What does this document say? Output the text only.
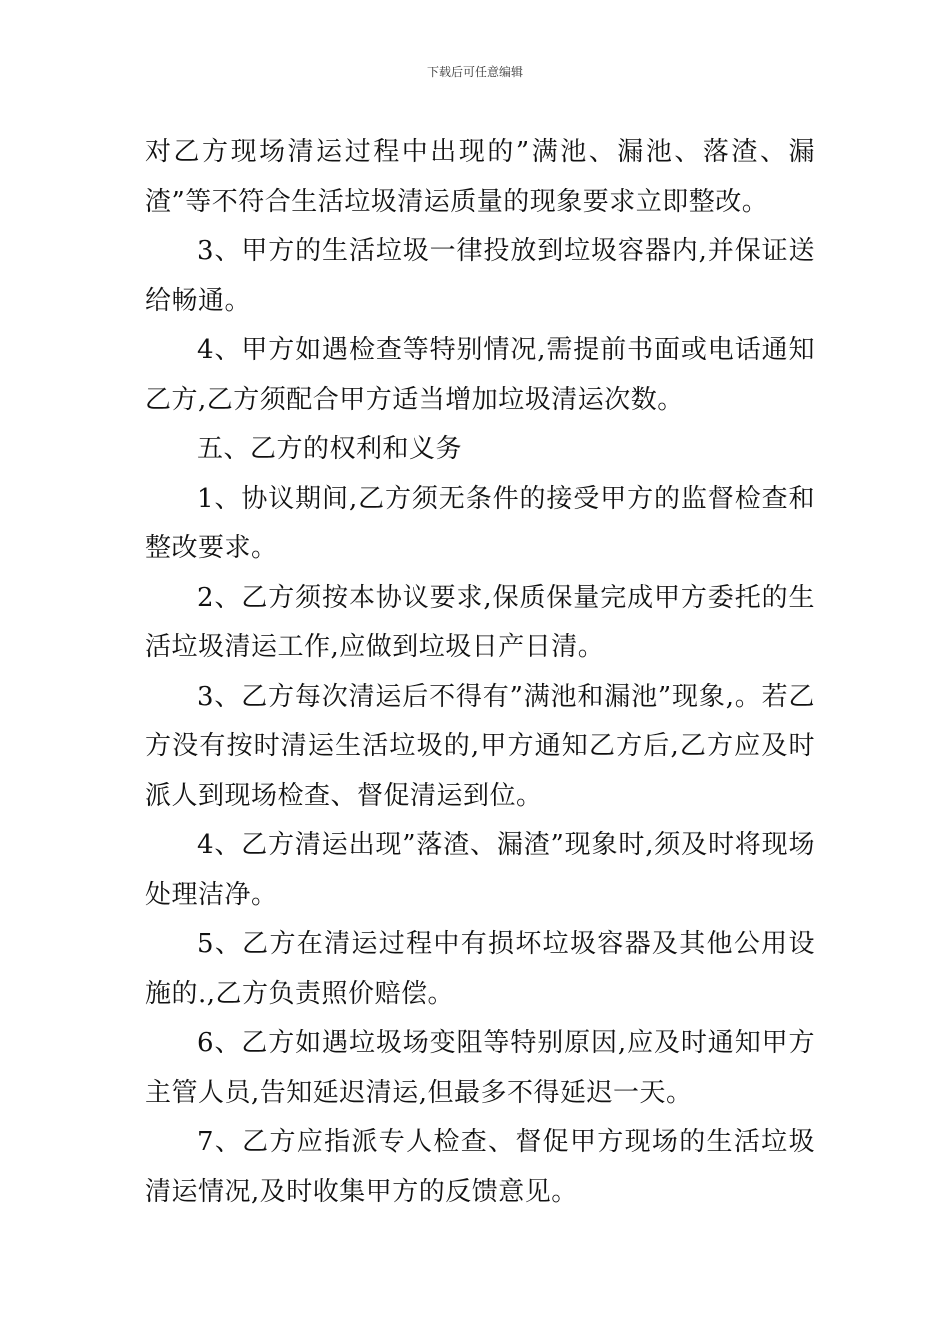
下载后可任意编辑

对乙方现场清运过程中出现的”满池、漏池、落渣、漏渣”等不符合生活垃圾清运质量的现象要求立即整改。

3、甲方的生活垃圾一律投放到垃圾容器内,并保证送给畅通。

4、甲方如遇检查等特别情况,需提前书面或电话通知乙方,乙方须配合甲方适当增加垃圾清运次数。

五、乙方的权利和义务

1、协议期间,乙方须无条件的接受甲方的监督检查和整改要求。

2、乙方须按本协议要求,保质保量完成甲方委托的生活垃圾清运工作,应做到垃圾日产日清。

3、乙方每次清运后不得有”满池和漏池”现象,。若乙方没有按时清运生活垃圾的,甲方通知乙方后,乙方应及时派人到现场检查、督促清运到位。

4、乙方清运出现”落渣、漏渣”现象时,须及时将现场处理洁净。

5、乙方在清运过程中有损坏垃圾容器及其他公用设施的.,乙方负责照价赔偿。

6、乙方如遇垃圾场变阻等特别原因,应及时通知甲方主管人员,告知延迟清运,但最多不得延迟一天。

7、乙方应指派专人检查、督促甲方现场的生活垃圾清运情况,及时收集甲方的反馈意见。
